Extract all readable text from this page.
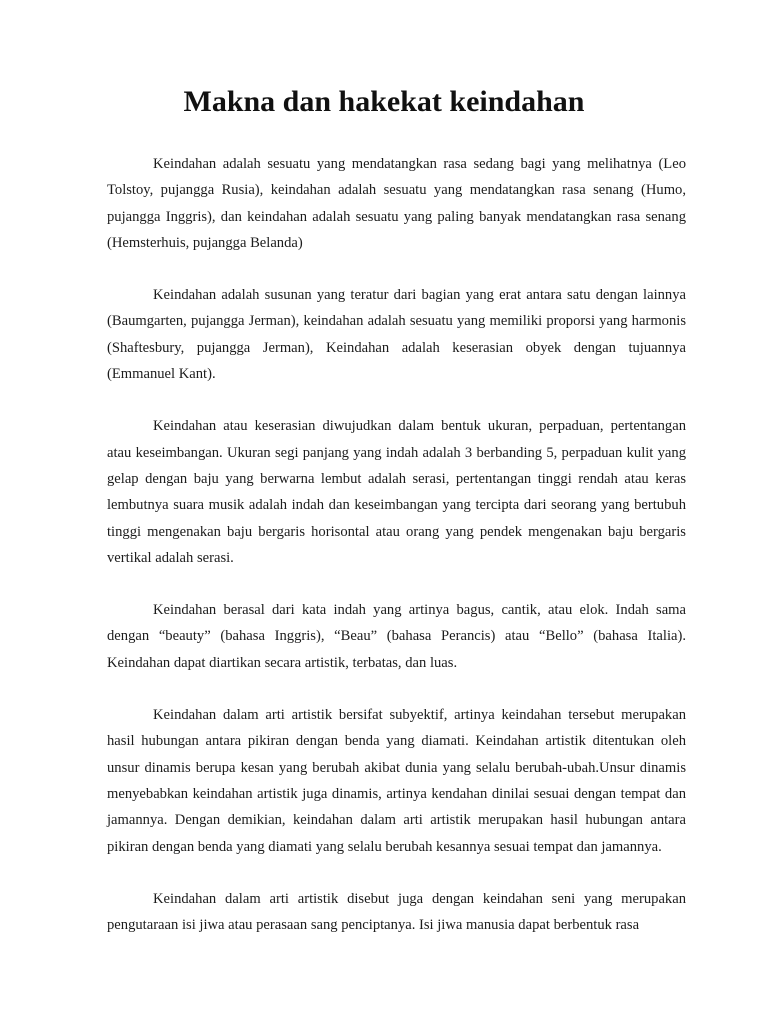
Makna dan hakekat keindahan

Keindahan adalah sesuatu yang mendatangkan rasa sedang bagi yang melihatnya (Leo Tolstoy, pujangga Rusia), keindahan adalah sesuatu yang mendatangkan rasa senang (Humo, pujangga Inggris), dan keindahan adalah sesuatu yang paling banyak mendatangkan rasa senang (Hemsterhuis, pujangga Belanda)

Keindahan adalah susunan yang teratur dari bagian yang erat antara satu dengan lainnya (Baumgarten, pujangga Jerman), keindahan adalah sesuatu yang memiliki proporsi yang harmonis (Shaftesbury, pujangga Jerman), Keindahan adalah keserasian obyek dengan tujuannya (Emmanuel Kant).

Keindahan atau keserasian diwujudkan dalam bentuk ukuran, perpaduan, pertentangan atau keseimbangan. Ukuran segi panjang yang indah adalah 3 berbanding 5, perpaduan kulit yang gelap dengan baju yang berwarna lembut adalah serasi, pertentangan tinggi rendah atau keras lembutnya suara musik adalah indah dan keseimbangan yang tercipta dari seorang yang bertubuh tinggi mengenakan baju bergaris horisontal atau orang yang pendek mengenakan baju bergaris vertikal adalah serasi.

Keindahan berasal dari kata indah yang artinya bagus, cantik, atau elok. Indah sama dengan “beauty” (bahasa Inggris), “Beau” (bahasa Perancis) atau “Bello” (bahasa Italia). Keindahan dapat diartikan secara artistik, terbatas, dan luas.

Keindahan dalam arti artistik bersifat subyektif, artinya keindahan tersebut merupakan hasil hubungan antara pikiran dengan benda yang diamati. Keindahan artistik ditentukan oleh unsur dinamis berupa kesan yang berubah akibat dunia yang selalu berubah-ubah.Unsur dinamis menyebabkan keindahan artistik juga dinamis, artinya kendahan dinilai sesuai dengan tempat dan jamannya. Dengan demikian, keindahan dalam arti artistik merupakan hasil hubungan antara pikiran dengan benda yang diamati yang selalu berubah kesannya sesuai tempat dan jamannya.

Keindahan dalam arti artistik disebut juga dengan keindahan seni yang merupakan pengutaraan isi jiwa atau perasaan sang penciptanya. Isi jiwa manusia dapat berbentuk rasa
